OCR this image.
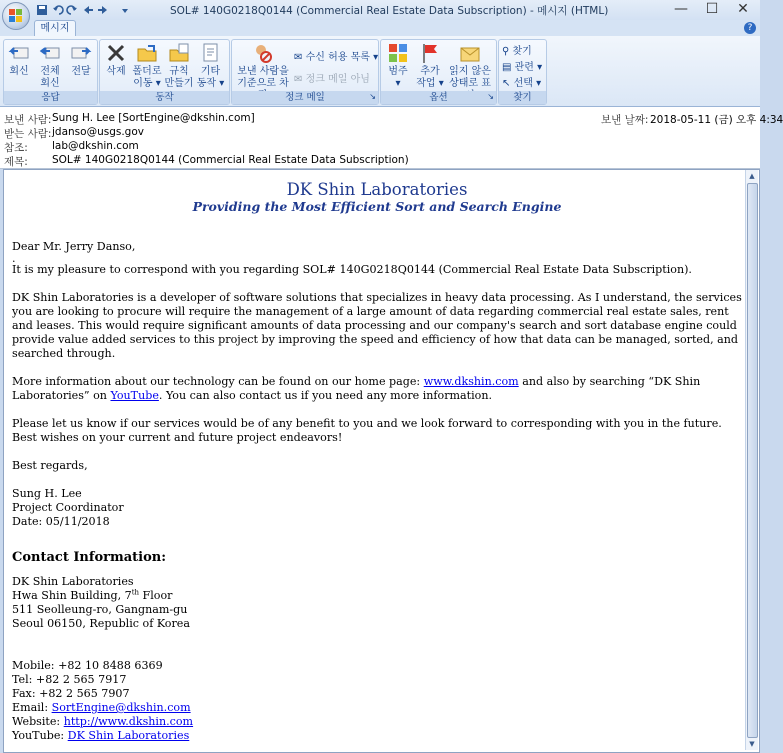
SOL# 140G0218Q0144 (Commercial Real Estate Data Subscription) - 메시지 (HTML)	—	☐	✕
메시지	?
회신	전체
회신
전달
응답
삭제 폴더로
이동 ▾
규칙
만들기
기타
동작 ▾
동작
보낸 사람을
기준으로 차
✉ 수신 허용 목록 ▾
✉ 정크 메일 아님
정크 메일	↘
범주
▾
추가
작업 ▾
읽지 않은
상태로 표
옵션	↘
⚲ 찾기
▤ 관련 ▾
↖ 선택 ▾
찾기
보낸 사람: Sung H. Lee [SortEngine@dkshin.com]
받는 사람: jdanso@usgs.gov
참조: lab@dkshin.com
제목: SOL# 140G0218Q0144 (Commercial Real Estate Data Subscription)
보낸 날짜: 2018-05-11 (금) 오후 4:34

DK Shin Laboratories

Providing the Most Efficient Sort and Search Engine

Dear Mr. Jerry Danso,

.

It is my pleasure to correspond with you regarding SOL# 140G0218Q0144 (Commercial Real Estate Data Subscription).

DK Shin Laboratories is a developer of software solutions that specializes in heavy data processing. As I understand, the services you are looking to procure will require the management of a large amount of data regarding commercial real estate sales, rent and leases. This would require significant amounts of data processing and our company's search and sort database engine could provide value added services to this project by improving the speed and efficiency of how that data can be managed, sorted, and searched through.

More information about our technology can be found on our home page: www.dkshin.com and also by searching “DK Shin Laboratories” on YouTube. You can also contact us if you need any more information.

Please let us know if our services would be of any benefit to you and we look forward to corresponding with you in the future. Best wishes on your current and future project endeavors!

Best regards,

Sung H. Lee

Project Coordinator

Date: 05/11/2018

Contact Information:

DK Shin Laboratories

Hwa Shin Building, 7th Floor

511 Seolleung-ro, Gangnam-gu

Seoul 06150, Republic of Korea

Mobile: +82 10 8488 6369

Tel: +82 2 565 7917

Fax: +82 2 565 7907

Email: SortEngine@dkshin.com

Website: http://www.dkshin.com

YouTube: DK Shin Laboratories

▲
▼
